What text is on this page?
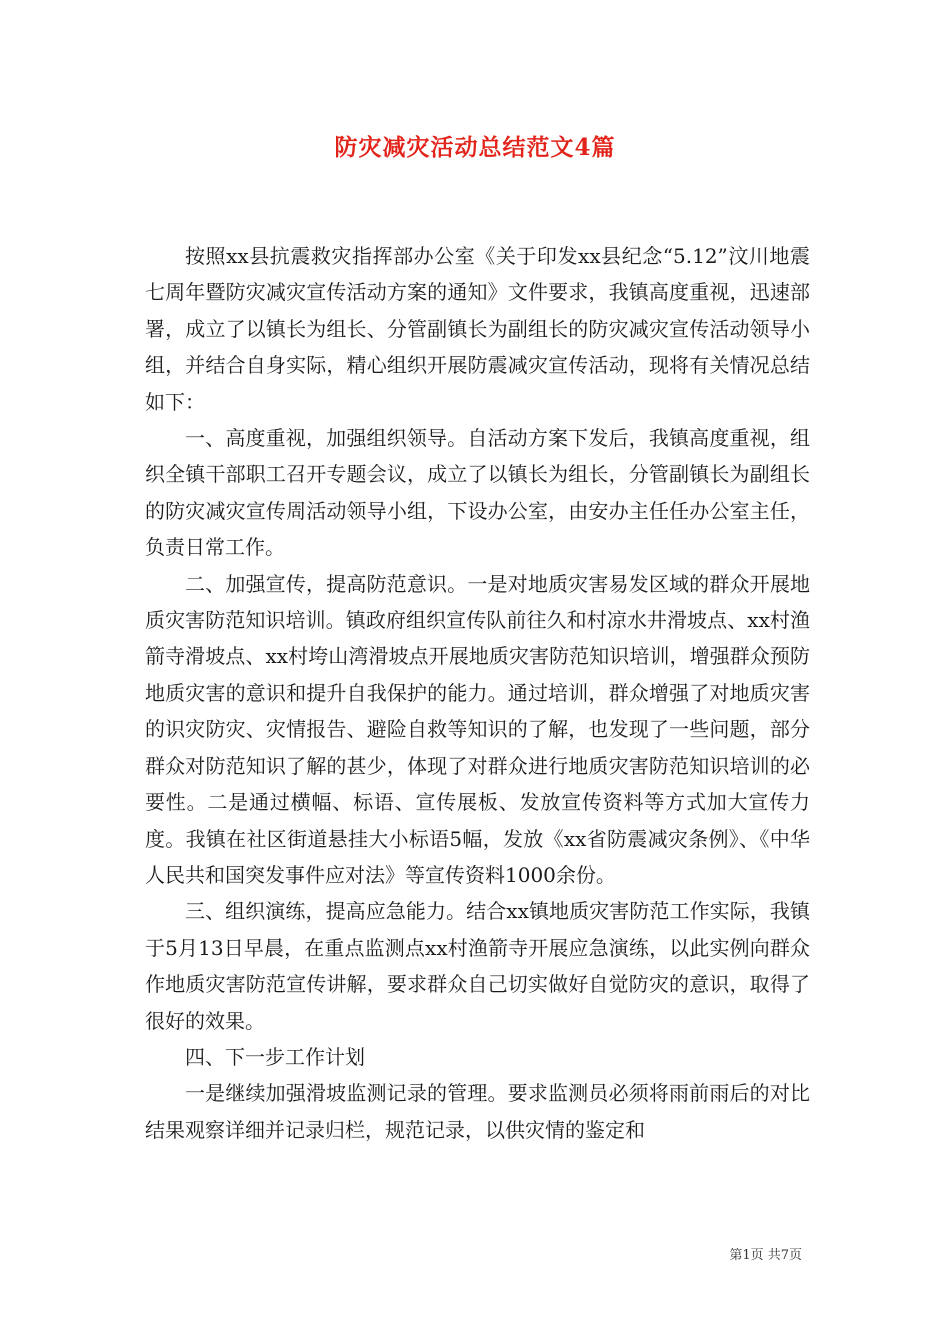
防灾减灾活动总结范文4篇

按照xx县抗震救灾指挥部办公室《关于印发xx县纪念“5.12”汶川地震七周年暨防灾减灾宣传活动方案的通知》文件要求，我镇高度重视，迅速部署，成立了以镇长为组长、分管副镇长为副组长的防灾减灾宣传活动领导小组，并结合自身实际，精心组织开展防震减灾宣传活动，现将有关情况总结如下：

一、高度重视，加强组织领导。自活动方案下发后，我镇高度重视，组织全镇干部职工召开专题会议，成立了以镇长为组长，分管副镇长为副组长的防灾减灾宣传周活动领导小组，下设办公室，由安办主任任办公室主任，负责日常工作。

二、加强宣传，提高防范意识。一是对地质灾害易发区域的群众开展地质灾害防范知识培训。镇政府组织宣传队前往久和村凉水井滑坡点、xx村渔箭寺滑坡点、xx村垮山湾滑坡点开展地质灾害防范知识培训，增强群众预防地质灾害的意识和提升自我保护的能力。通过培训，群众增强了对地质灾害的识灾防灾、灾情报告、避险自救等知识的了解，也发现了一些问题，部分群众对防范知识了解的甚少，体现了对群众进行地质灾害防范知识培训的必要性。二是通过横幅、标语、宣传展板、发放宣传资料等方式加大宣传力度。我镇在社区街道悬挂大小标语5幅，发放《xx省防震减灾条例》、《中华人民共和国突发事件应对法》等宣传资料1000余份。

三、组织演练，提高应急能力。结合xx镇地质灾害防范工作实际，我镇于5月13日早晨，在重点监测点xx村渔箭寺开展应急演练，以此实例向群众作地质灾害防范宣传讲解，要求群众自己切实做好自觉防灾的意识，取得了很好的效果。

四、下一步工作计划

一是继续加强滑坡监测记录的管理。要求监测员必须将雨前雨后的对比结果观察详细并记录归栏，规范记录，以供灾情的鉴定和

第1页 共7页
